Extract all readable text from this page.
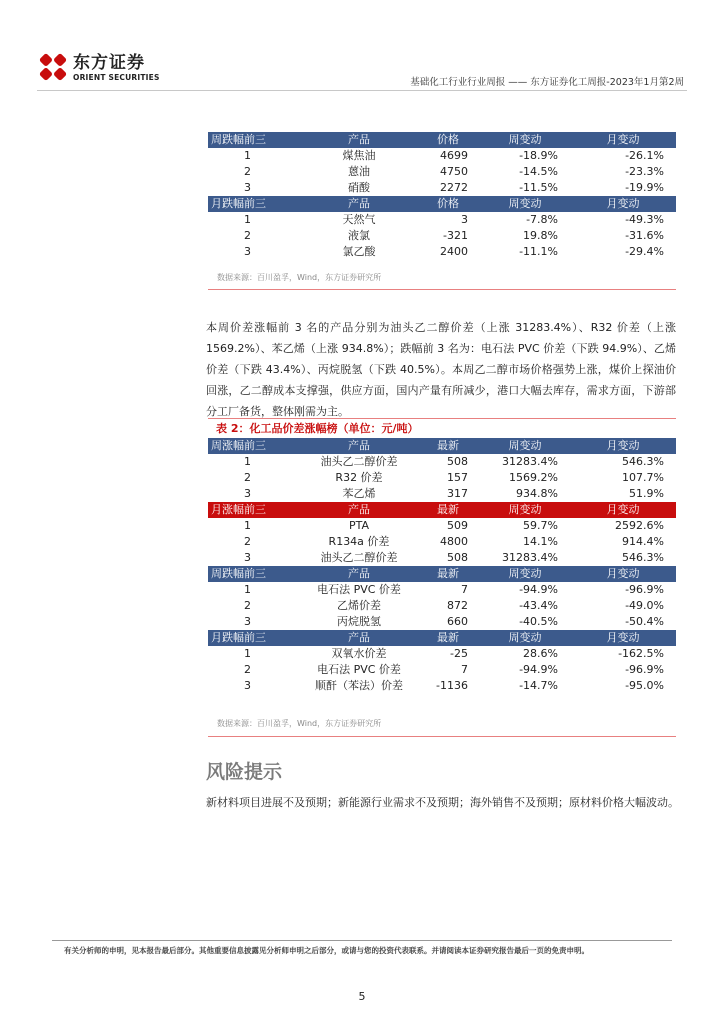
东方证券
ORIENT SECURITIES	基础化工行业行业周报 —— 东方证券化工周报-2023年1月第2周
周跌幅前三	产品	价格	周变动	月变动
1	煤焦油	4699	-18.9%	-26.1%
2	蒽油	4750	-14.5%	-23.3%
3	硝酸	2272	-11.5%	-19.9%
月跌幅前三	产品	价格	周变动	月变动
1	天然气	3	-7.8%	-49.3%
2	液氯	-321	19.8%	-31.6%
3	氯乙酸	2400	-11.1%	-29.4%
数据来源：百川盈孚，Wind，东方证券研究所
本周价差涨幅前 3 名的产品分别为油头乙二醇价差（上涨 31283.4%）、R32 价差（上涨 1569.2%）、苯乙烯（上涨 934.8%）；跌幅前 3 名为：电石法 PVC 价差（下跌 94.9%）、乙烯价差（下跌 43.4%）、丙烷脱氢（下跌 40.5%）。本周乙二醇市场价格强势上涨，煤价上探油价回涨，乙二醇成本支撑强，供应方面，国内产量有所减少，港口大幅去库存，需求方面，下游部分工厂备货，整体刚需为主。
表 2：化工品价差涨幅榜（单位：元/吨）
周涨幅前三	产品	最新	周变动	月变动
1	油头乙二醇价差	508	31283.4%	546.3%
2	R32 价差	157	1569.2%	107.7%
3	苯乙烯	317	934.8%	51.9%
月涨幅前三	产品	最新	周变动	月变动
1	PTA	509	59.7%	2592.6%
2	R134a 价差	4800	14.1%	914.4%
3	油头乙二醇价差	508	31283.4%	546.3%
周跌幅前三	产品	最新	周变动	月变动
1	电石法 PVC 价差	7	-94.9%	-96.9%
2	乙烯价差	872	-43.4%	-49.0%
3	丙烷脱氢	660	-40.5%	-50.4%
月跌幅前三	产品	最新	周变动	月变动
1	双氧水价差	-25	28.6%	-162.5%
2	电石法 PVC 价差	7	-94.9%	-96.9%
3	顺酐（苯法）价差	-1136	-14.7%	-95.0%
数据来源：百川盈孚，Wind，东方证券研究所
风险提示
新材料项目进展不及预期；新能源行业需求不及预期；海外销售不及预期；原材料价格大幅波动。
有关分析师的申明，见本报告最后部分。其他重要信息披露见分析师申明之后部分，或请与您的投资代表联系。并请阅读本证券研究报告最后一页的免责申明。
5
